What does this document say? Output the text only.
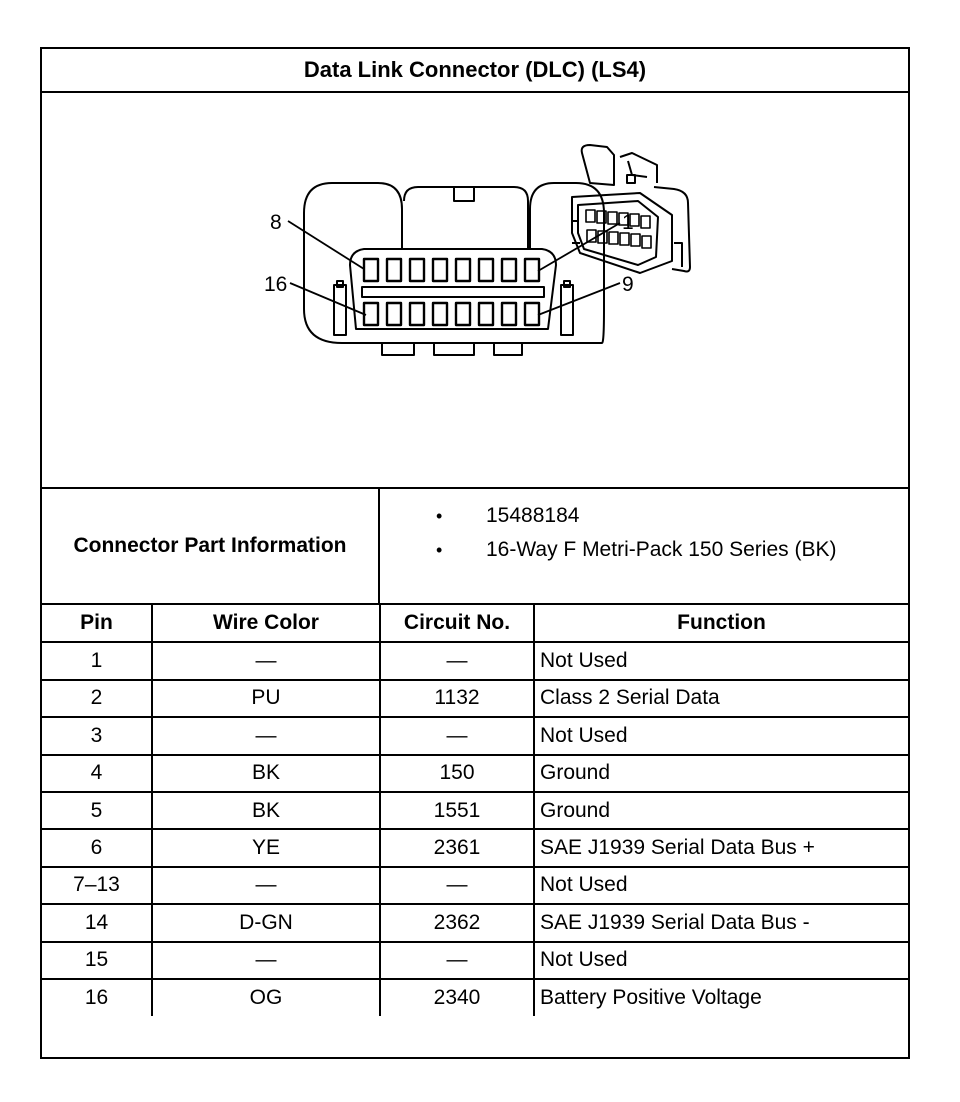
Data Link Connector (DLC) (LS4)
8	1
16	9
Connector Part Information
• 15488184
• 16-Way F Metri-Pack 150 Series (BK)
Pin	Wire Color	Circuit No.	Function
1	—	—	Not Used
2	PU	1132	Class 2 Serial Data
3	—	—	Not Used
4	BK	150	Ground
5	BK	1551	Ground
6	YE	2361	SAE J1939 Serial Data Bus +
7–13	—	—	Not Used
14	D-GN	2362	SAE J1939 Serial Data Bus -
15	—	—	Not Used
16	OG	2340	Battery Positive Voltage
